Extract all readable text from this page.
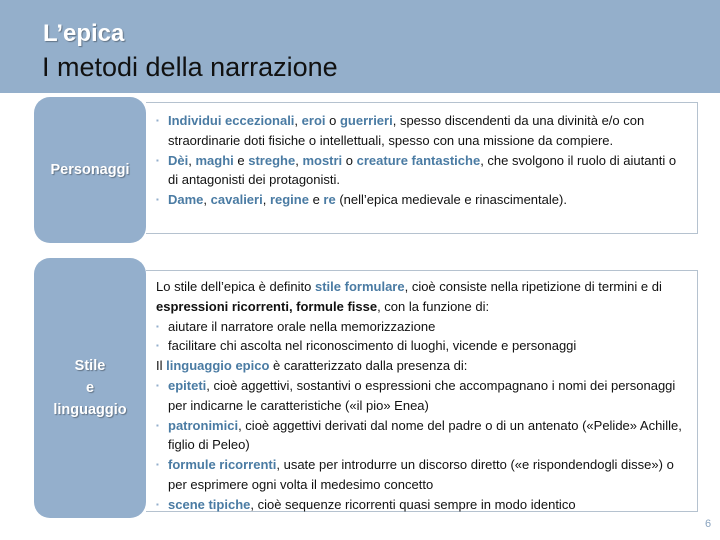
L’epica
I metodi della narrazione
Personaggi
▪ Individui eccezionali, eroi o guerrieri, spesso discendenti da una divinità e/o con straordinarie doti fisiche o intellettuali, spesso con una missione da compiere.
▪ Dèi, maghi e streghe, mostri o creature fantastiche, che svolgono il ruolo di aiutanti o di antagonisti dei protagonisti.
▪ Dame, cavalieri, regine e re (nell’epica medievale e rinascimentale).
Stile
e
linguaggio
Lo stile dell’epica è definito stile formulare, cioè consiste nella ripetizione di termini e di espressioni ricorrenti, formule fisse, con la funzione di:
▪ aiutare il narratore orale nella memorizzazione
▪ facilitare chi ascolta nel riconoscimento di luoghi, vicende e personaggi
Il linguaggio epico è caratterizzato dalla presenza di:
▪ epiteti, cioè aggettivi, sostantivi o espressioni che accompagnano i nomi dei personaggi per indicarne le caratteristiche («il pio» Enea)
▪ patronimici, cioè aggettivi derivati dal nome del padre o di un antenato («Pelide» Achille, figlio di Peleo)
▪ formule ricorrenti, usate per introdurre un discorso diretto («e rispondendogli disse») o per esprimere ogni volta il medesimo concetto
▪ scene tipiche, cioè sequenze ricorrenti quasi sempre in modo identico
6
